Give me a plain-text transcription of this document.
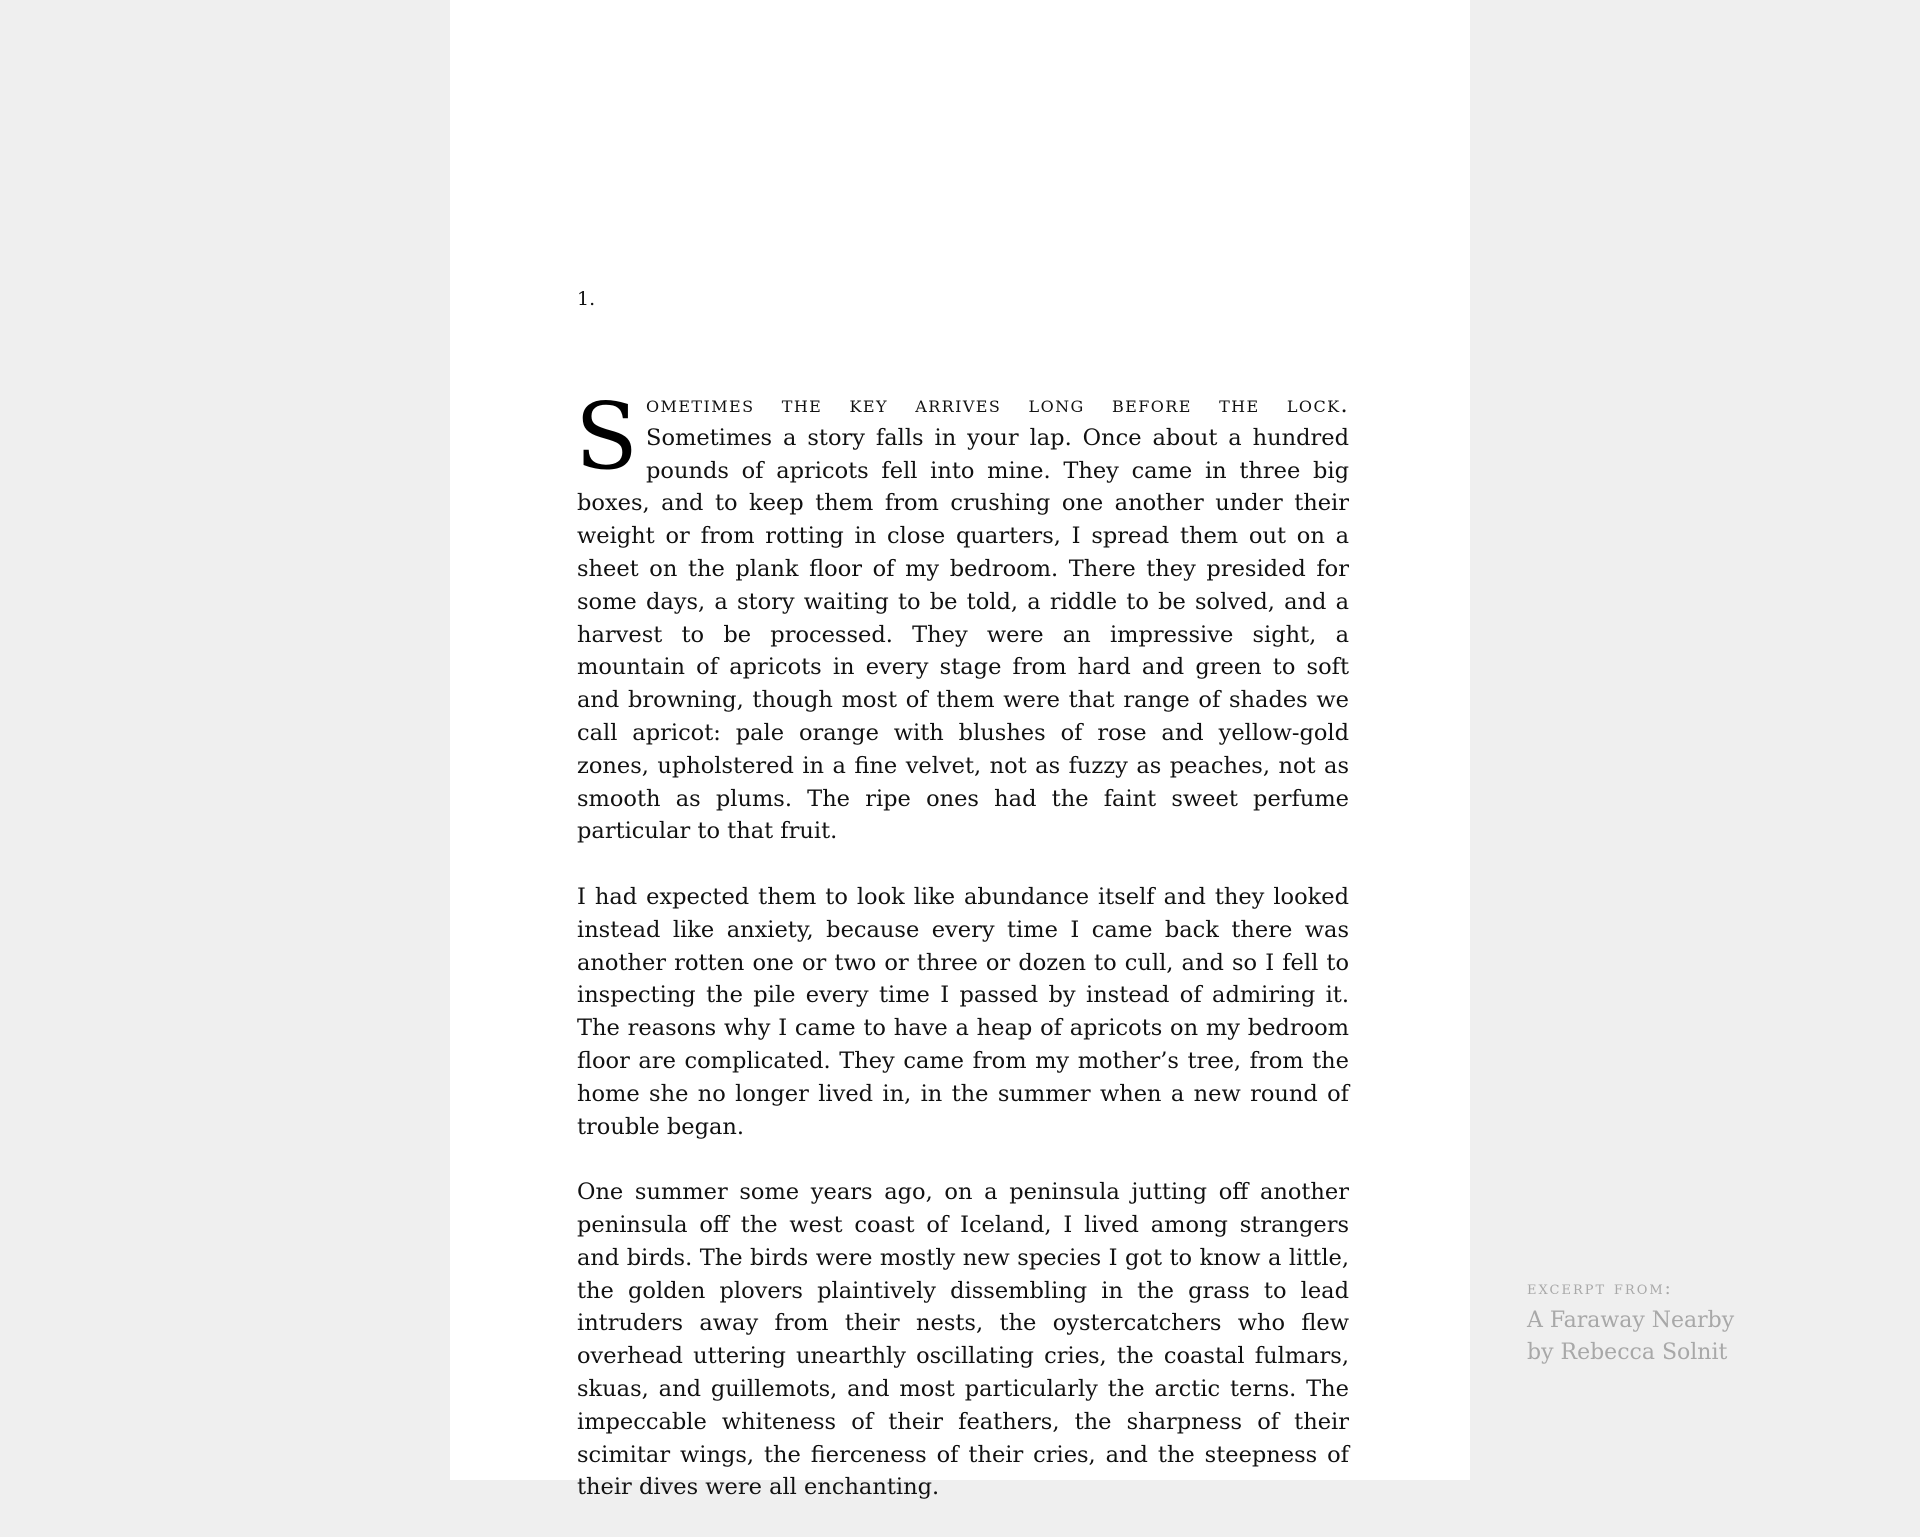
1.

Sometimes the key arrives long before the lock. Sometimes a story falls in your lap. Once about a hundred pounds of apricots fell into mine. They came in three big boxes, and to keep them from crushing one another under their weight or from rotting in close quarters, I spread them out on a sheet on the plank floor of my bedroom. There they presided for some days, a story waiting to be told, a riddle to be solved, and a harvest to be processed. They were an impressive sight, a mountain of apricots in every stage from hard and green to soft and browning, though most of them were that range of shades we call apricot: pale orange with blushes of rose and yellow-gold zones, upholstered in a fine velvet, not as fuzzy as peaches, not as smooth as plums. The ripe ones had the faint sweet perfume particular to that fruit.

I had expected them to look like abundance itself and they looked instead like anxiety, because every time I came back there was another rotten one or two or three or dozen to cull, and so I fell to inspecting the pile every time I passed by instead of admiring it. The reasons why I came to have a heap of apricots on my bedroom floor are complicated. They came from my mother’s tree, from the home she no longer lived in, in the summer when a new round of trouble began.

One summer some years ago, on a peninsula jutting off another peninsula off the west coast of Iceland, I lived among strangers and birds. The birds were mostly new species I got to know a little, the golden plovers plaintively dissembling in the grass to lead intruders away from their nests, the oystercatchers who flew overhead uttering unearthly oscillating cries, the coastal fulmars, skuas, and guillemots, and most particularly the arctic terns. The impeccable whiteness of their feathers, the sharpness of their scimitar wings, the fierceness of their cries, and the steepness of their dives were all enchanting.

excerpt from:
A Faraway Nearby
by Rebecca Solnit
